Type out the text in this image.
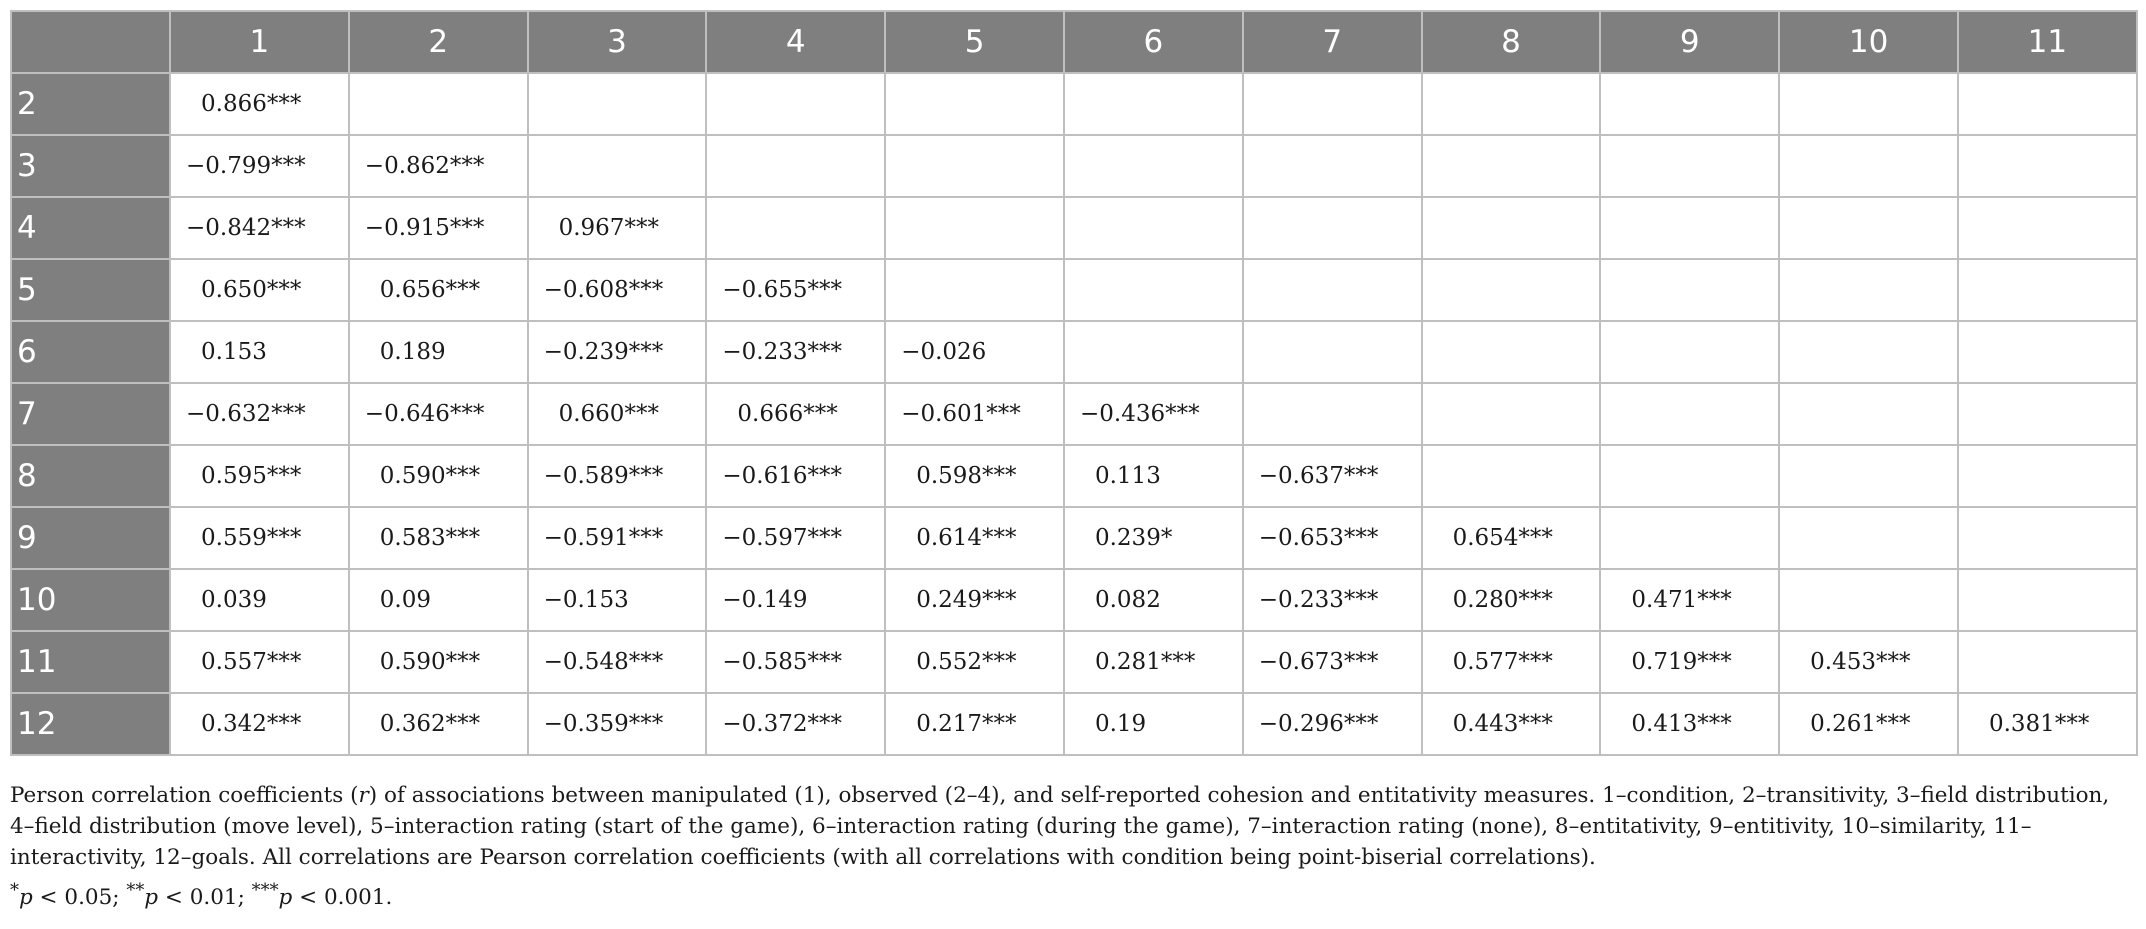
	1	2	3	4	5	6	7	8	9	10	11
2	0.866***										
3	−0.799***	−0.862***									
4	−0.842***	−0.915***	0.967***								
5	0.650***	0.656***	−0.608***	−0.655***							
6	0.153	0.189	−0.239***	−0.233***	−0.026						
7	−0.632***	−0.646***	0.660***	0.666***	−0.601***	−0.436***					
8	0.595***	0.590***	−0.589***	−0.616***	0.598***	0.113	−0.637***				
9	0.559***	0.583***	−0.591***	−0.597***	0.614***	0.239*	−0.653***	0.654***			
10	0.039	0.09	−0.153	−0.149	0.249***	0.082	−0.233***	0.280***	0.471***		
11	0.557***	0.590***	−0.548***	−0.585***	0.552***	0.281***	−0.673***	0.577***	0.719***	0.453***	
12	0.342***	0.362***	−0.359***	−0.372***	0.217***	0.19	−0.296***	0.443***	0.413***	0.261***	0.381***

Person correlation coefficients (r) of associations between manipulated (1), observed (2–4), and self-reported cohesion and entitativity measures. 1–condition, 2–transitivity, 3–field distribution, 4–field distribution (move level), 5–interaction rating (start of the game), 6–interaction rating (during the game), 7–interaction rating (none), 8–entitativity, 9–entitivity, 10–similarity, 11–interactivity, 12–goals. All correlations are Pearson correlation coefficients (with all correlations with condition being point-biserial correlations).

*p < 0.05; **p < 0.01; ***p < 0.001.
